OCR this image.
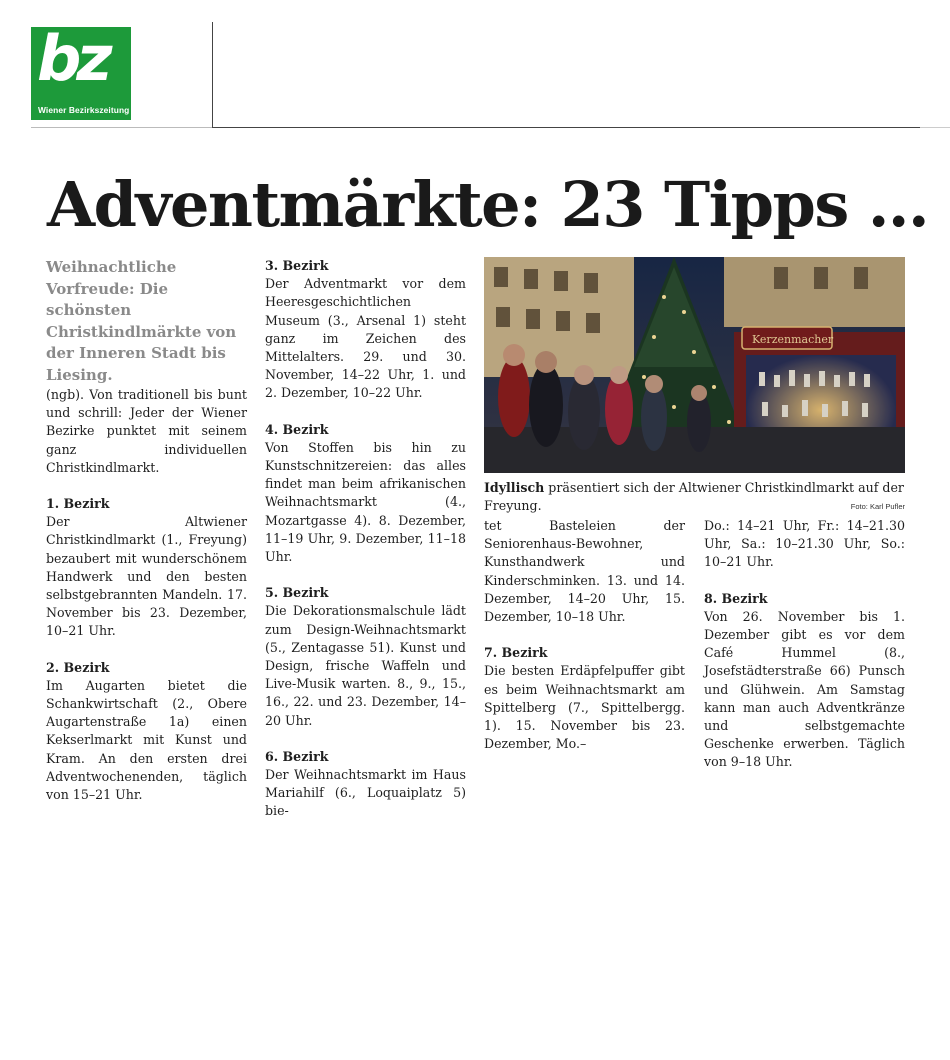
bz
Wiener Bezirkszeitung
Adventmärkte: 23 Tipps ...

Weihnachtliche Vorfreude: Die schönsten Christkindlmärkte von der Inneren Stadt bis Liesing.

(ngb). Von traditionell bis bunt und schrill: Jeder der Wiener Bezirke punktet mit seinem ganz individuellen Christkindlmarkt.

1. Bezirk

Der Altwiener Christkindlmarkt (1., Freyung) bezaubert mit wunderschönem Handwerk und den besten selbstgebrannten Mandeln. 17. November bis 23. Dezember, 10–21 Uhr.

2. Bezirk

Im Augarten bietet die Schankwirtschaft (2., Obere Augartenstraße 1a) einen Kekserlmarkt mit Kunst und Kram. An den ersten drei Adventwochenenden, täglich von 15–21 Uhr.

3. Bezirk

Der Adventmarkt vor dem Heeresgeschichtlichen Museum (3., Arsenal 1) steht ganz im Zeichen des Mittelalters. 29. und 30. November, 14–22 Uhr, 1. und 2. Dezember, 10–22 Uhr.

4. Bezirk

Von Stoffen bis hin zu Kunstschnitzereien: das alles findet man beim afrikanischen Weihnachtsmarkt (4., Mozartgasse 4). 8. Dezember, 11–19 Uhr, 9. Dezember, 11–18 Uhr.

5. Bezirk

Die Dekorationsmalschule lädt zum Design-Weihnachtsmarkt (5., Zentagasse 51). Kunst und Design, frische Waffeln und Live-Musik warten. 8., 9., 15., 16., 22. und 23. Dezember, 14–20 Uhr.

6. Bezirk

Der Weihnachtsmarkt im Haus Mariahilf (6., Loquaiplatz 5) bie-

Kerzenmacher
Idyllisch präsentiert sich der Altwiener Christkindlmarkt auf der Freyung.	Foto: Karl Pufler

tet Basteleien der Seniorenhaus-Bewohner, Kunsthandwerk und Kinderschminken. 13. und 14. Dezember, 14–20 Uhr, 15. Dezember, 10–18 Uhr.

7. Bezirk

Die besten Erdäpfelpuffer gibt es beim Weihnachtsmarkt am Spittelberg (7., Spittelbergg. 1). 15. November bis 23. Dezember, Mo.–

Do.: 14–21 Uhr, Fr.: 14–21.30 Uhr, Sa.: 10–21.30 Uhr, So.: 10–21 Uhr.

8. Bezirk

Von 26. November bis 1. Dezember gibt es vor dem Café Hummel (8., Josefstädterstraße 66) Punsch und Glühwein. Am Samstag kann man auch Adventkränze und selbstgemachte Geschenke erwerben. Täglich von 9–18 Uhr.
